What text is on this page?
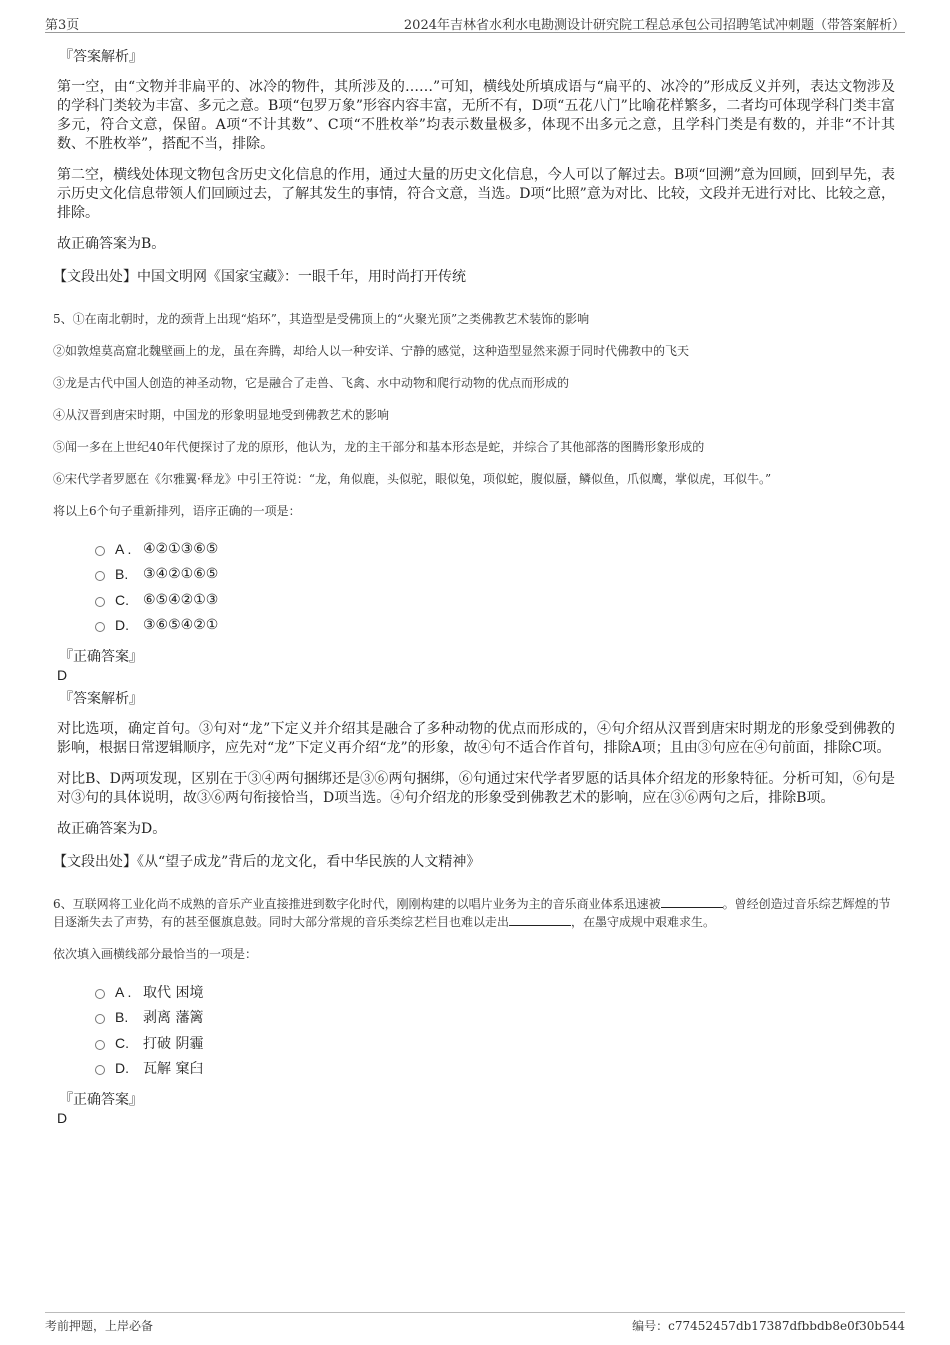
第3页	2024年吉林省水利水电勘测设计研究院工程总承包公司招聘笔试冲刺题（带答案解析）
『答案解析』

第一空，由“文物并非扁平的、冰冷的物件，其所涉及的……”可知，横线处所填成语与“扁平的、冰冷的”形成反义并列，表达文物涉及的学科门类较为丰富、多元之意。B项“包罗万象”形容内容丰富，无所不有，D项“五花八门”比喻花样繁多，二者均可体现学科门类丰富多元，符合文意，保留。A项“不计其数”、C项“不胜枚举”均表示数量极多，体现不出多元之意，且学科门类是有数的，并非“不计其数、不胜枚举”，搭配不当，排除。

第二空，横线处体现文物包含历史文化信息的作用，通过大量的历史文化信息，今人可以了解过去。B项“回溯”意为回顾，回到早先，表示历史文化信息带领人们回顾过去，了解其发生的事情，符合文意，当选。D项“比照”意为对比、比较，文段并无进行对比、比较之意，排除。

故正确答案为B。

【文段出处】中国文明网《国家宝藏》：一眼千年，用时尚打开传统

5、①在南北朝时，龙的颈背上出现“焰环”，其造型是受佛顶上的“火聚光顶”之类佛教艺术装饰的影响

②如敦煌莫高窟北魏壁画上的龙，虽在奔腾，却给人以一种安详、宁静的感觉，这种造型显然来源于同时代佛教中的飞天

③龙是古代中国人创造的神圣动物，它是融合了走兽、飞禽、水中动物和爬行动物的优点而形成的

④从汉晋到唐宋时期，中国龙的形象明显地受到佛教艺术的影响

⑤闻一多在上世纪40年代便探讨了龙的原形，他认为，龙的主干部分和基本形态是蛇，并综合了其他部落的图腾形象形成的

⑥宋代学者罗愿在《尔雅翼·释龙》中引王符说：“龙，角似鹿，头似驼，眼似兔，项似蛇，腹似蜃，鳞似鱼，爪似鹰，掌似虎，耳似牛。”

将以上6个句子重新排列，语序正确的一项是：

A . ④②①③⑥⑤
B.	③④②①⑥⑤
C.	⑥⑤④②①③
D.	③⑥⑤④②①
『正确答案』
D
『答案解析』

对比选项，确定首句。③句对“龙”下定义并介绍其是融合了多种动物的优点而形成的，④句介绍从汉晋到唐宋时期龙的形象受到佛教的影响，根据日常逻辑顺序，应先对“龙”下定义再介绍“龙”的形象，故④句不适合作首句，排除A项；且由③句应在④句前面，排除C项。

对比B、D两项发现，区别在于③④两句捆绑还是③⑥两句捆绑，⑥句通过宋代学者罗愿的话具体介绍龙的形象特征。分析可知，⑥句是对③句的具体说明，故③⑥两句衔接恰当，D项当选。④句介绍龙的形象受到佛教艺术的影响，应在③⑥两句之后，排除B项。

故正确答案为D。

【文段出处】《从“望子成龙”背后的龙文化，看中华民族的人文精神》

6、互联网将工业化尚不成熟的音乐产业直接推进到数字化时代，刚刚构建的以唱片业务为主的音乐商业体系迅速被	。曾经创造过音乐综艺辉煌的节目逐渐失去了声势，有的甚至偃旗息鼓。同时大部分常规的音乐类综艺栏目也难以走出	，在墨守成规中艰难求生。

依次填入画横线部分最恰当的一项是：

A . 取代 困境
B.	剥离 藩篱
C.	打破 阴霾
D.	瓦解 窠臼
『正确答案』
D
考前押题，上岸必备	编号：c77452457db17387dfbbdb8e0f30b544
